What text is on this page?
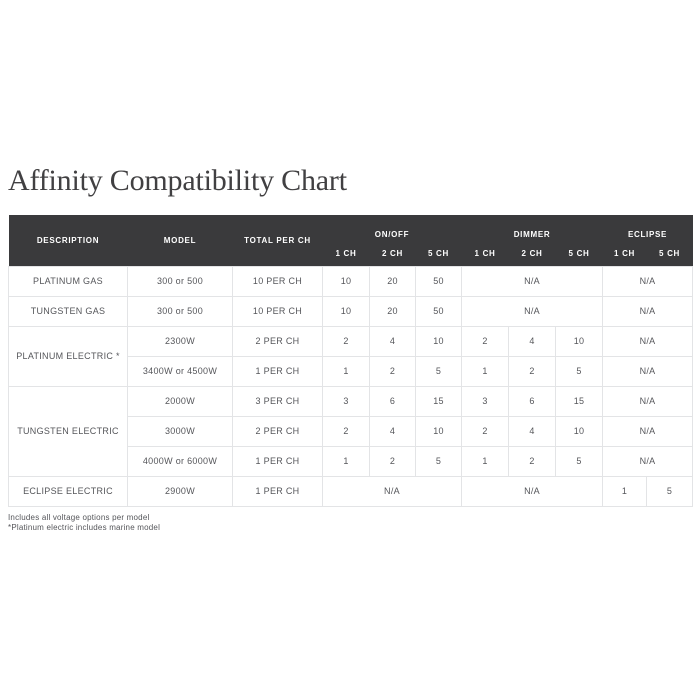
Affinity Compatibility Chart
DESCRIPTION	MODEL	TOTAL PER CH	ON/OFF			DIMMER			ECLIPSE	
			1 CH	2 CH	5 CH	1 CH	2 CH	5 CH	1 CH	5 CH
PLATINUM GAS	300 or 500	10 PER CH	10	20	50	N/A			N/A	
TUNGSTEN GAS	300 or 500	10 PER CH	10	20	50	N/A			N/A	
PLATINUM ELECTRIC *	2300W	2 PER CH	2	4	10	2	4	10	N/A	
	3400W or 4500W	1 PER CH	1	2	5	1	2	5	N/A	
TUNGSTEN ELECTRIC	2000W	3 PER CH	3	6	15	3	6	15	N/A	
	3000W	2 PER CH	2	4	10	2	4	10	N/A	
	4000W or 6000W	1 PER CH	1	2	5	1	2	5	N/A	
ECLIPSE ELECTRIC	2900W	1 PER CH	N/A			N/A			1	5
Includes all voltage options per model
*Platinum electric includes marine model
